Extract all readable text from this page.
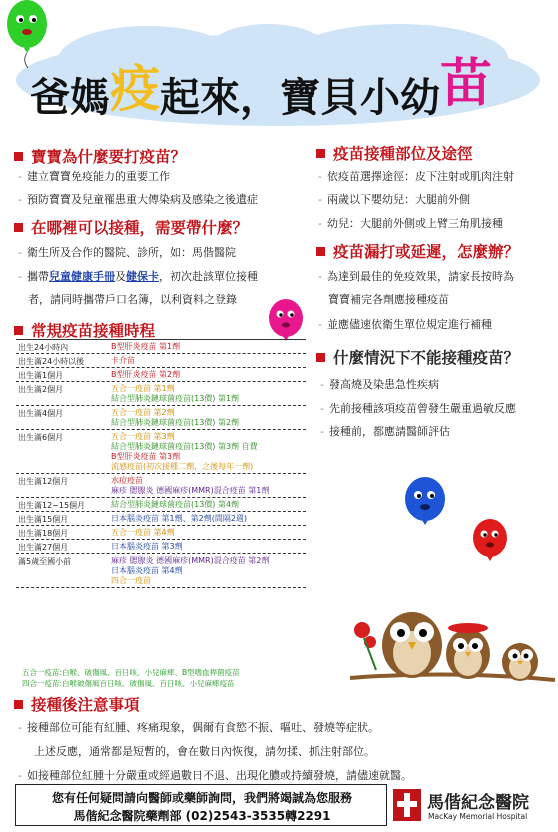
爸媽 疫 起來，寶貝小幼 苗
寶寶為什麼要打疫苗？
- 建立寶寶免疫能力的重要工作
- 預防寶寶及兒童罹患重大傳染病及感染之後遺症
在哪裡可以接種，需要帶什麼？
- 衛生所及合作的醫院、診所，如：馬偕醫院
- 攜帶兒童健康手冊及健保卡，初次赴該單位接種
者，請同時攜帶戶口名簿，以利資料之登錄
常規疫苗接種時程
出生24小時內	B型肝炎疫苗 第1劑
出生滿24小時以後	卡介苗
出生滿1個月	B型肝炎疫苗 第2劑
出生滿2個月	五合一疫苗 第1劑
結合型肺炎鏈球菌疫苗(13價) 第1劑
出生滿4個月	五合一疫苗 第2劑
結合型肺炎鏈球菌疫苗(13價) 第2劑
出生滿6個月	五合一疫苗 第3劑
結合型肺炎鏈球菌疫苗(13價) 第3劑 自費
B型肝炎疫苗 第3劑
流感疫苗(初次接種二劑，之後每年一劑)
出生滿12個月	水痘疫苗
麻疹 腮腺炎 德國麻疹(MMR)混合疫苗 第1劑
出生滿12~15個月	結合型肺炎鏈球菌疫苗(13價) 第4劑
出生滿15個月	日本腦炎疫苗 第1劑、第2劑(間隔2週)
出生滿18個月	五合一疫苗 第4劑
出生滿27個月	日本腦炎疫苗 第3劑
滿5歲至國小前	麻疹 腮腺炎 德國麻疹(MMR)混合疫苗 第2劑
日本腦炎疫苗 第4劑
四合一疫苗
五合一疫苗:白喉、破傷風、百日咳、小兒麻痺、B型嗜血桿菌疫苗
四合一疫苗:白喉破傷風百日咳、破傷風、百日咳、小兒麻痺疫苗
疫苗接種部位及途徑
- 依疫苗選擇途徑：皮下注射或肌肉注射
- 兩歲以下嬰幼兒：大腿前外側
- 幼兒：大腿前外側或上臂三角肌接種
疫苗漏打或延遲，怎麼辦？
- 為達到最佳的免疫效果，請家長按時為
寶寶補完各劑應接種疫苗
- 並應儘速依衛生單位規定進行補種
什麼情況下不能接種疫苗？
- 發高燒及染患急性疾病
- 先前接種該項疫苗曾發生嚴重過敏反應
- 接種前，都應請醫師評估
接種後注意事項
- 接種部位可能有紅腫、疼痛現象，偶爾有食慾不振、嘔吐、發燒等症狀。
上述反應，通常都是短暫的，會在數日內恢復，請勿揉、抓注射部位。
- 如接種部位紅腫十分嚴重或經過數日不退、出現化膿或持續發燒，請儘速就醫。
您有任何疑問請向醫師或藥師詢問，我們將竭誠為您服務
馬偕紀念醫院藥劑部 (02)2543-3535轉2291
馬偕紀念醫院
MacKay Memorial Hospital
